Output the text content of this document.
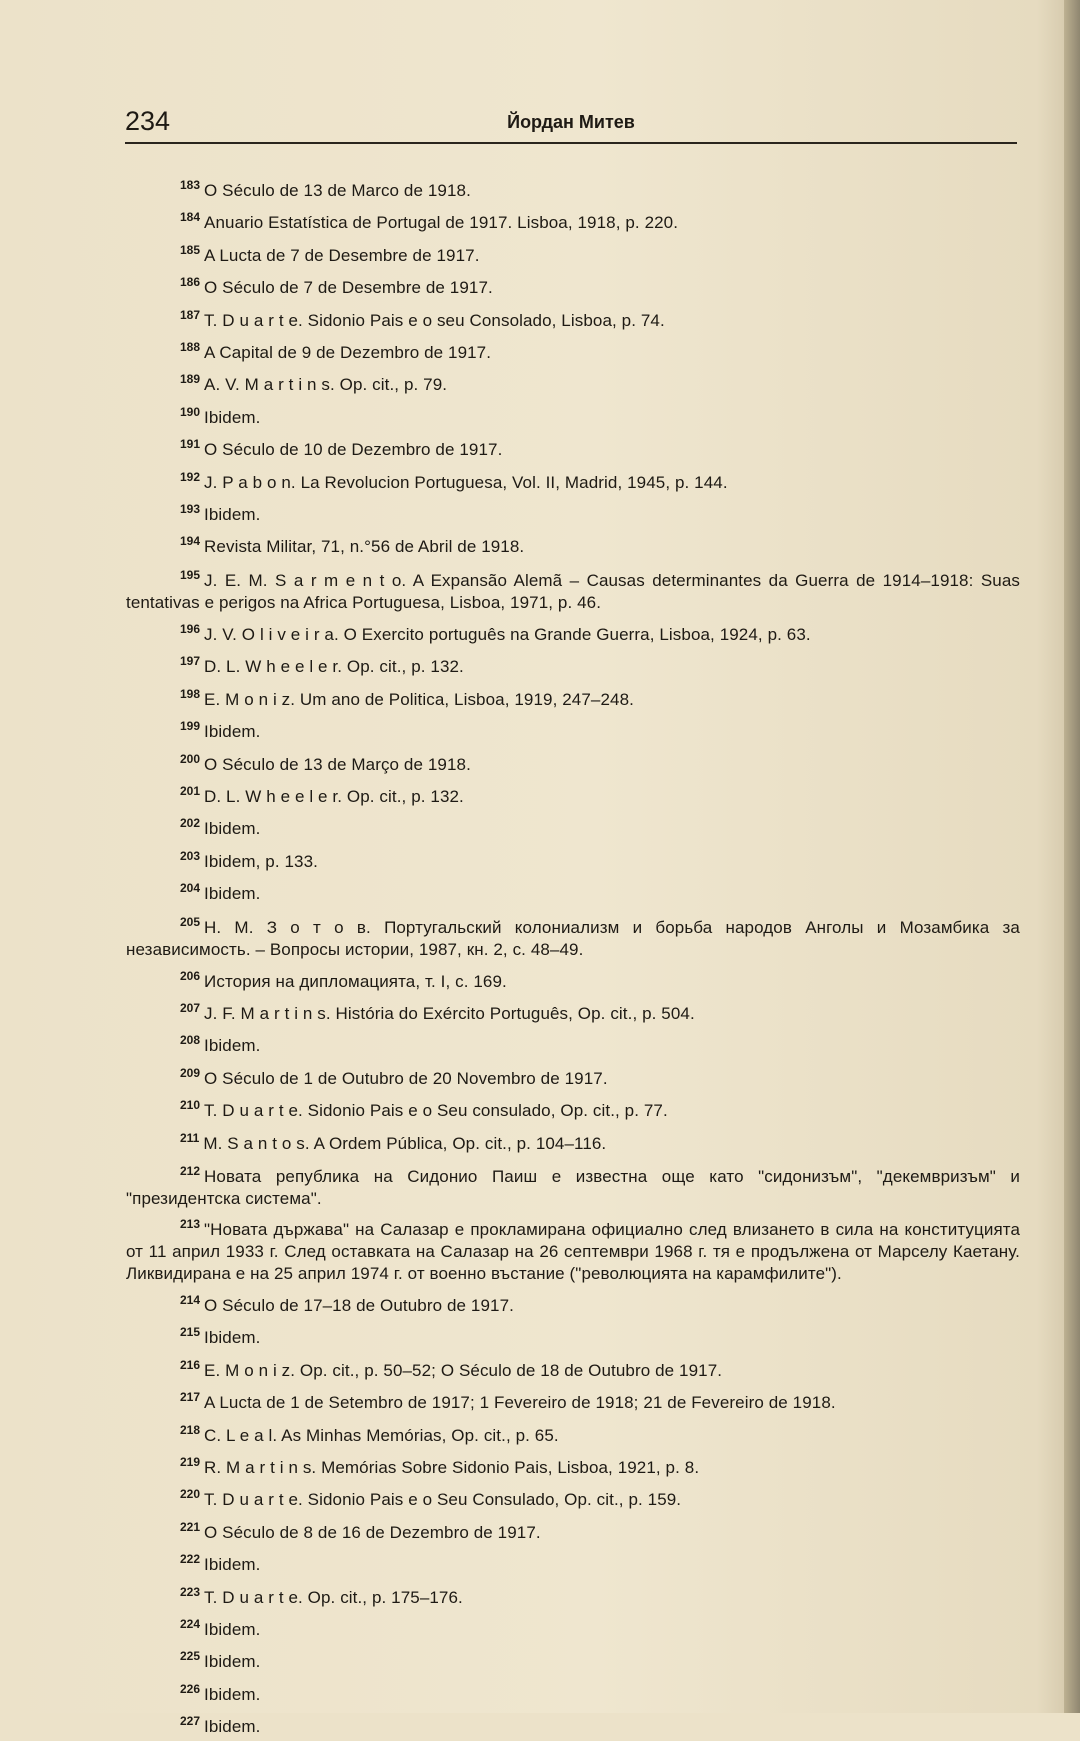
234	Йордан Митев
$^{183}$ O Século de 13 de Marco de 1918.
$^{184}$ Anuario Estatística de Portugal de 1917. Lisboa, 1918, p. 220.
$^{185}$ A Lucta de 7 de Desembre de 1917.
$^{186}$ O Século de 7 de Desembre de 1917.
$^{187}$ T. D u a r t e. Sidonio Pais e o seu Consolado, Lisboa, p. 74.
$^{188}$ A Capital de 9 de Dezembro de 1917.
$^{189}$ A. V. M a r t i n s. Op. cit., p. 79.
$^{190}$ Ibidem.
$^{191}$ O Século de 10 de Dezembro de 1917.
$^{192}$ J. P a b o n. La Revolucion Portuguesa, Vol. II, Madrid, 1945, p. 144.
$^{193}$ Ibidem.
$^{194}$ Revista Militar, 71, n.°56 de Abril de 1918.
$^{195}$ J. E. M. S a r m e n t o. A Expansão Alemã – Causas determinantes da Guerra de 1914–1918: Suas tentativas e perigos na Africa Portuguesa, Lisboa, 1971, p. 46.
$^{196}$ J. V. O l i v e i r a. O Exercito português na Grande Guerra, Lisboa, 1924, p. 63.
$^{197}$ D. L. W h e e l e r. Op. cit., p. 132.
$^{198}$ E. M o n i z. Um ano de Politica, Lisboa, 1919, 247–248.
$^{199}$ Ibidem.
$^{200}$ O Século de 13 de Março de 1918.
$^{201}$ D. L. W h e e l e r. Op. cit., p. 132.
$^{202}$ Ibidem.
$^{203}$ Ibidem, p. 133.
$^{204}$ Ibidem.
$^{205}$ Н. М. З о т о в. Португальский колониализм и борьба народов Анголы и Мозамбика за независимость. – Вопросы истории, 1987, кн. 2, с. 48–49.
$^{206}$ История на дипломацията, т. I, с. 169.
$^{207}$ J. F. M a r t i n s. História do Exército Português, Op. cit., p. 504.
$^{208}$ Ibidem.
$^{209}$ O Século de 1 de Outubro de 20 Novembro de 1917.
$^{210}$ T. D u a r t e. Sidonio Pais e o Seu consulado, Op. cit., p. 77.
$^{211}$ M. S a n t o s. A Ordem Pública, Op. cit., p. 104–116.
$^{212}$ Новата република на Сидонио Паиш е известна още като "сидонизъм", "декемвризъм" и "президентска система".
$^{213}$ "Новата държава" на Салазар е прокламирана официално след влизането в сила на конституцията от 11 април 1933 г. След оставката на Салазар на 26 септември 1968 г. тя е продължена от Марселу Каетану. Ликвидирана е на 25 април 1974 г. от военно въстание ("революцията на карамфилите").
$^{214}$ O Século de 17–18 de Outubro de 1917.
$^{215}$ Ibidem.
$^{216}$ E. M o n i z. Op. cit., p. 50–52; O Século de 18 de Outubro de 1917.
$^{217}$ A Lucta de 1 de Setembro de 1917; 1 Fevereiro de 1918; 21 de Fevereiro de 1918.
$^{218}$ C. L e a l. As Minhas Memórias, Op. cit., p. 65.
$^{219}$ R. M a r t i n s. Memórias Sobre Sidonio Pais, Lisboa, 1921, p. 8.
$^{220}$ T. D u a r t e. Sidonio Pais e o Seu Consulado, Op. cit., p. 159.
$^{221}$ O Século de 8 de 16 de Dezembro de 1917.
$^{222}$ Ibidem.
$^{223}$ T. D u a r t e. Op. cit., p. 175–176.
$^{224}$ Ibidem.
$^{225}$ Ibidem.
$^{226}$ Ibidem.
$^{227}$ Ibidem.
